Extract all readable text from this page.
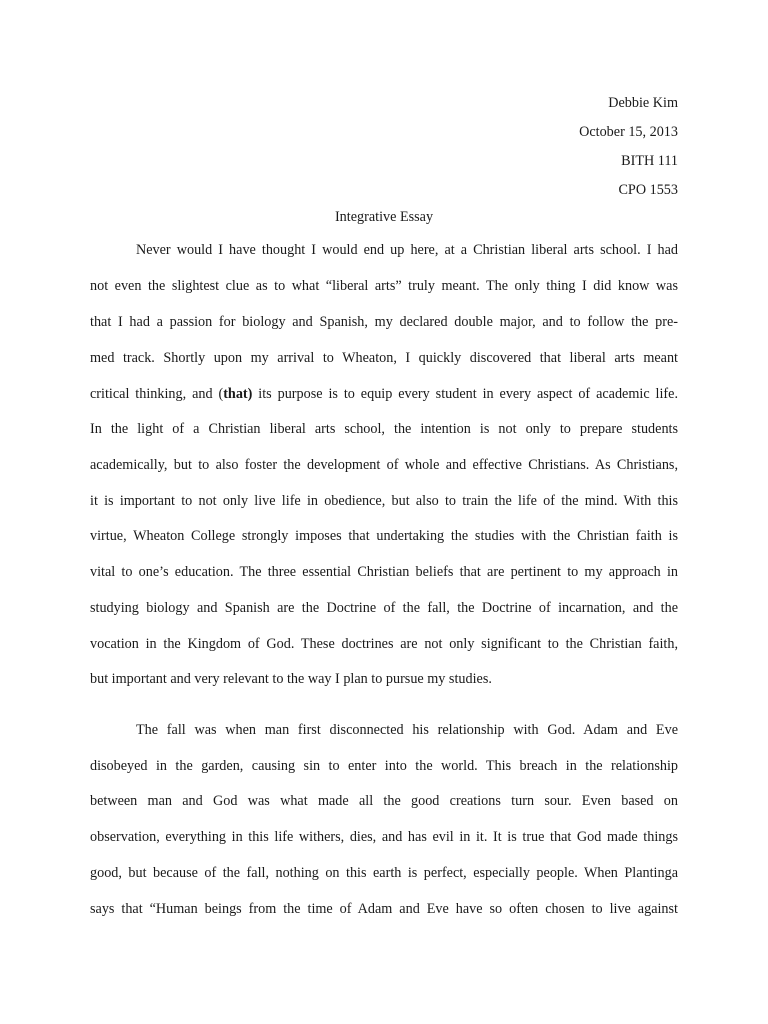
Debbie Kim
October 15, 2013
BITH 111
CPO 1553
Integrative Essay
Never would I have thought I would end up here, at a Christian liberal arts school. I had
not even the slightest clue as to what “liberal arts” truly meant. The only thing I did know was
that I had a passion for biology and Spanish, my declared double major, and to follow the pre-
med track. Shortly upon my arrival to Wheaton, I quickly discovered that liberal arts meant
critical thinking, and (that) its purpose is to equip every student in every aspect of academic life.
In the light of a Christian liberal arts school, the intention is not only to prepare students
academically, but to also foster the development of whole and effective Christians. As Christians,
it is important to not only live life in obedience, but also to train the life of the mind. With this
virtue, Wheaton College strongly imposes that undertaking the studies with the Christian faith is
vital to one’s education. The three essential Christian beliefs that are pertinent to my approach in
studying biology and Spanish are the Doctrine of the fall, the Doctrine of incarnation, and the
vocation in the Kingdom of God. These doctrines are not only significant to the Christian faith,
but important and very relevant to the way I plan to pursue my studies.
The fall was when man first disconnected his relationship with God. Adam and Eve
disobeyed in the garden, causing sin to enter into the world. This breach in the relationship
between man and God was what made all the good creations turn sour. Even based on
observation, everything in this life withers, dies, and has evil in it. It is true that God made things
good, but because of the fall, nothing on this earth is perfect, especially people. When Plantinga
says that “Human beings from the time of Adam and Eve have so often chosen to live against
